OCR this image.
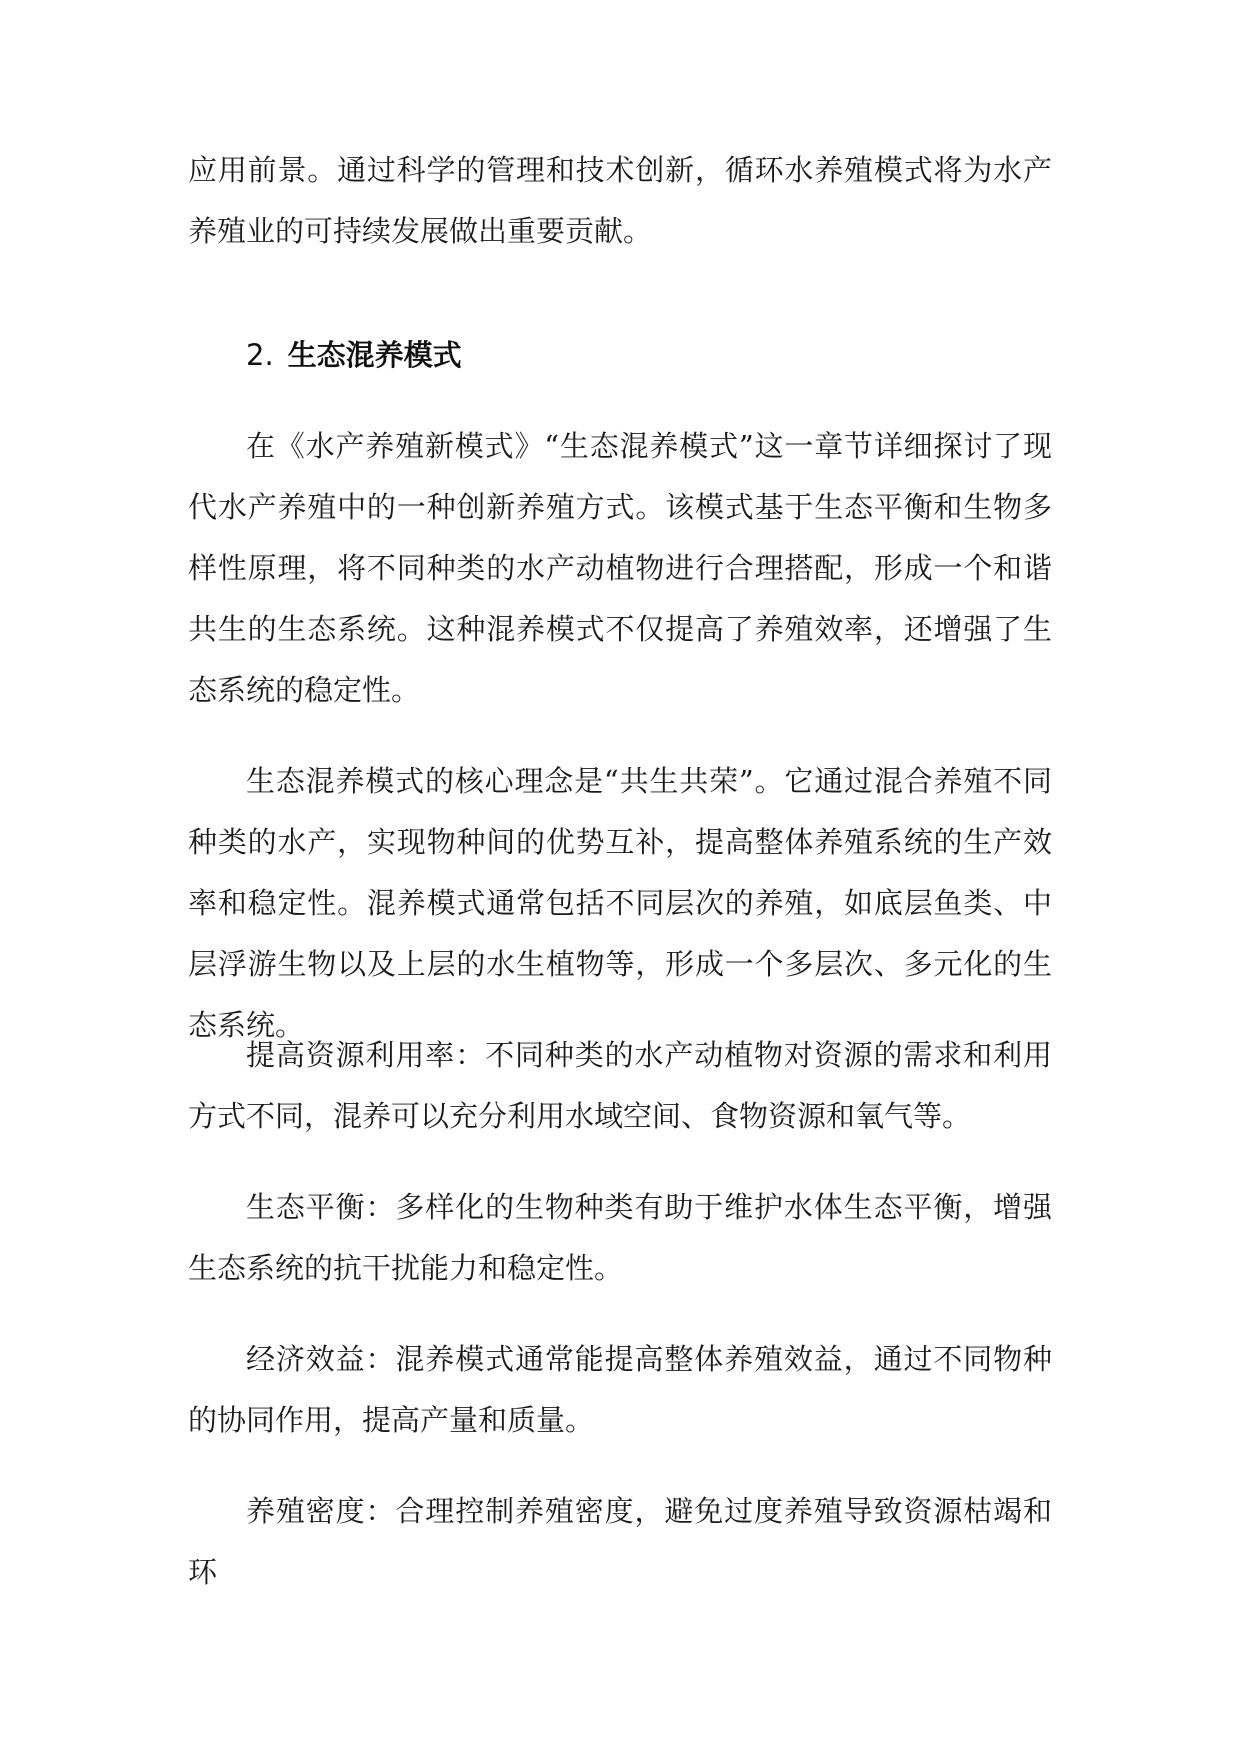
应用前景。通过科学的管理和技术创新，循环水养殖模式将为水产养殖业的可持续发展做出重要贡献。

2. 生态混养模式

在《水产养殖新模式》“生态混养模式”这一章节详细探讨了现代水产养殖中的一种创新养殖方式。该模式基于生态平衡和生物多样性原理，将不同种类的水产动植物进行合理搭配，形成一个和谐共生的生态系统。这种混养模式不仅提高了养殖效率，还增强了生态系统的稳定性。

生态混养模式的核心理念是“共生共荣”。它通过混合养殖不同种类的水产，实现物种间的优势互补，提高整体养殖系统的生产效率和稳定性。混养模式通常包括不同层次的养殖，如底层鱼类、中层浮游生物以及上层的水生植物等，形成一个多层次、多元化的生态系统。

提高资源利用率：不同种类的水产动植物对资源的需求和利用方式不同，混养可以充分利用水域空间、食物资源和氧气等。

生态平衡：多样化的生物种类有助于维护水体生态平衡，增强生态系统的抗干扰能力和稳定性。

经济效益：混养模式通常能提高整体养殖效益，通过不同物种的协同作用，提高产量和质量。

养殖密度：合理控制养殖密度，避免过度养殖导致资源枯竭和环
